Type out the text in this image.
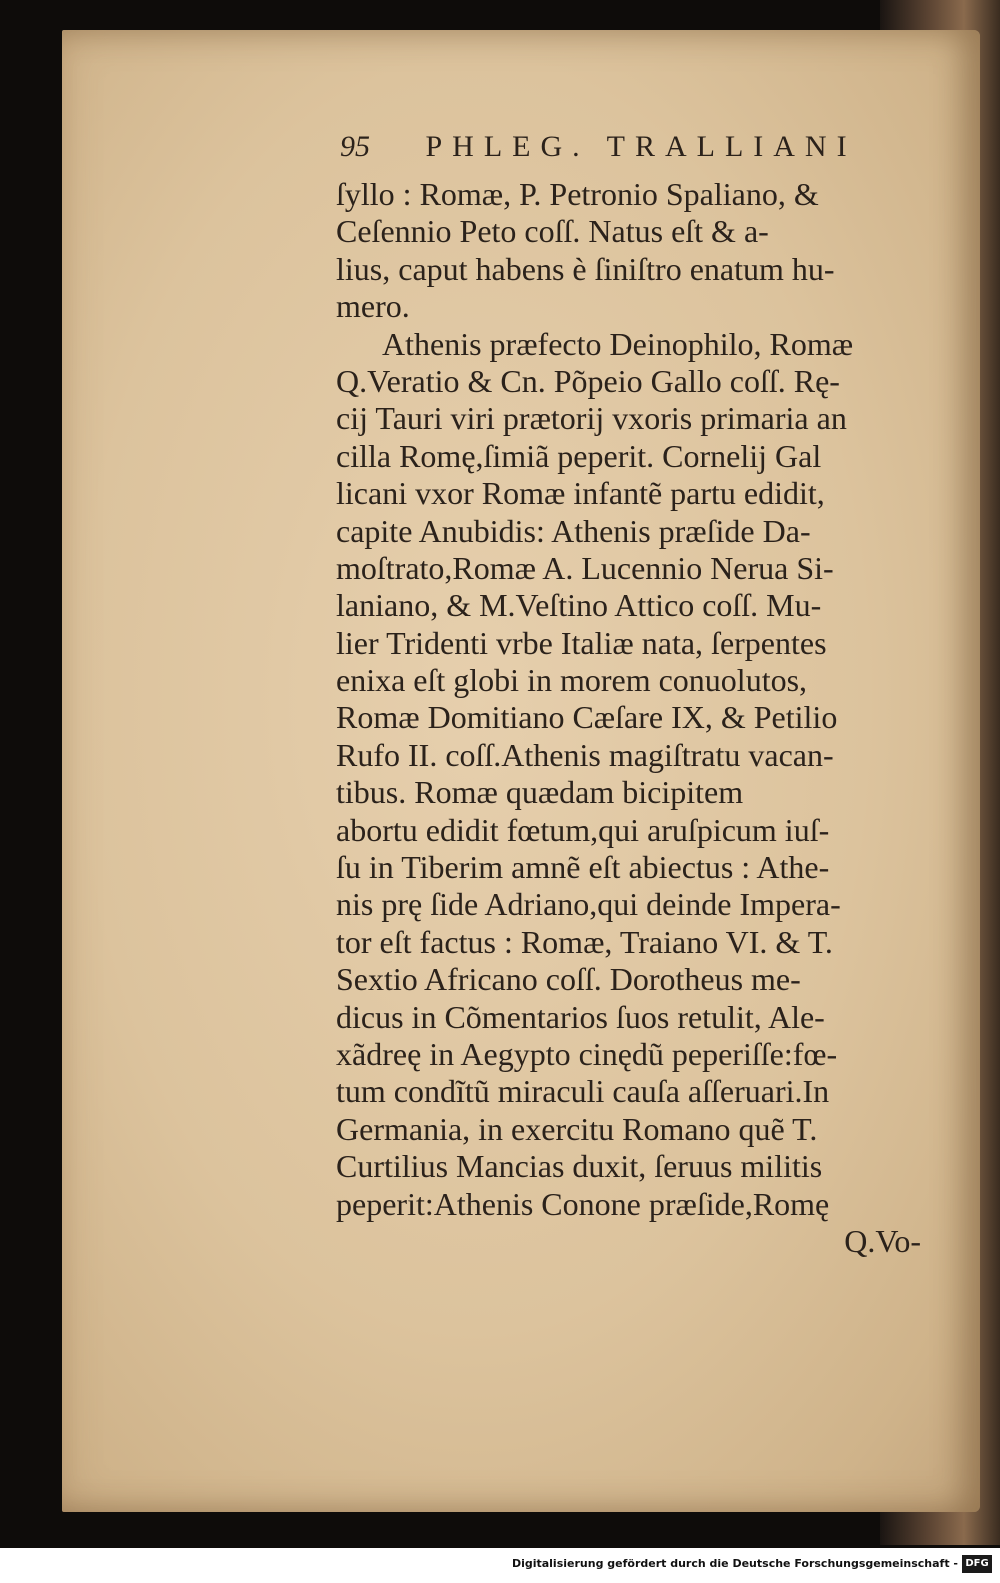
95 PHLEG. TRALLIANI
ſyllo : Romæ, P. Petronio Spaliano, &
Ceſennio Peto coſſ. Natus eſt & a-
lius, caput habens è ſiniſtro enatum hu-
mero.
Athenis præfecto Deinophilo, Romæ
Q.Veratio & Cn. Põpeio Gallo coſſ. Rę-
cij Tauri viri prætorij vxoris primaria an
cilla Romę,ſimiã peperit. Cornelij Gal
licani vxor Romæ infantẽ partu edidit,
capite Anubidis: Athenis præſide Da-
moſtrato,Romæ A. Lucennio Nerua Si-
laniano, & M.Veſtino Attico coſſ. Mu-
lier Tridenti vrbe Italiæ nata, ſerpentes
enixa eſt globi in morem conuolutos,
Romæ Domitiano Cæſare IX, & Petilio
Rufo II. coſſ.Athenis magiſtratu vacan-
tibus. Romæ quædam bicipitem
abortu edidit fœtum,qui aruſpicum iuſ-
ſu in Tiberim amnẽ eſt abiectus : Athe-
nis prę ſide Adriano,qui deinde Impera-
tor eſt factus : Romæ, Traiano VI. & T.
Sextio Africano coſſ. Dorotheus me-
dicus in Cõmentarios ſuos retulit, Ale-
xãdreę in Aegypto cinędũ peperiſſe:fœ-
tum condĩtũ miraculi cauſa aſſeruari.In
Germania, in exercitu Romano quẽ T.
Curtilius Mancias duxit, ſeruus militis
peperit:Athenis Conone præſide,Romę
Q.Vo-
Digitalisierung gefördert durch die Deutsche Forschungsgemeinschaft - DFG
